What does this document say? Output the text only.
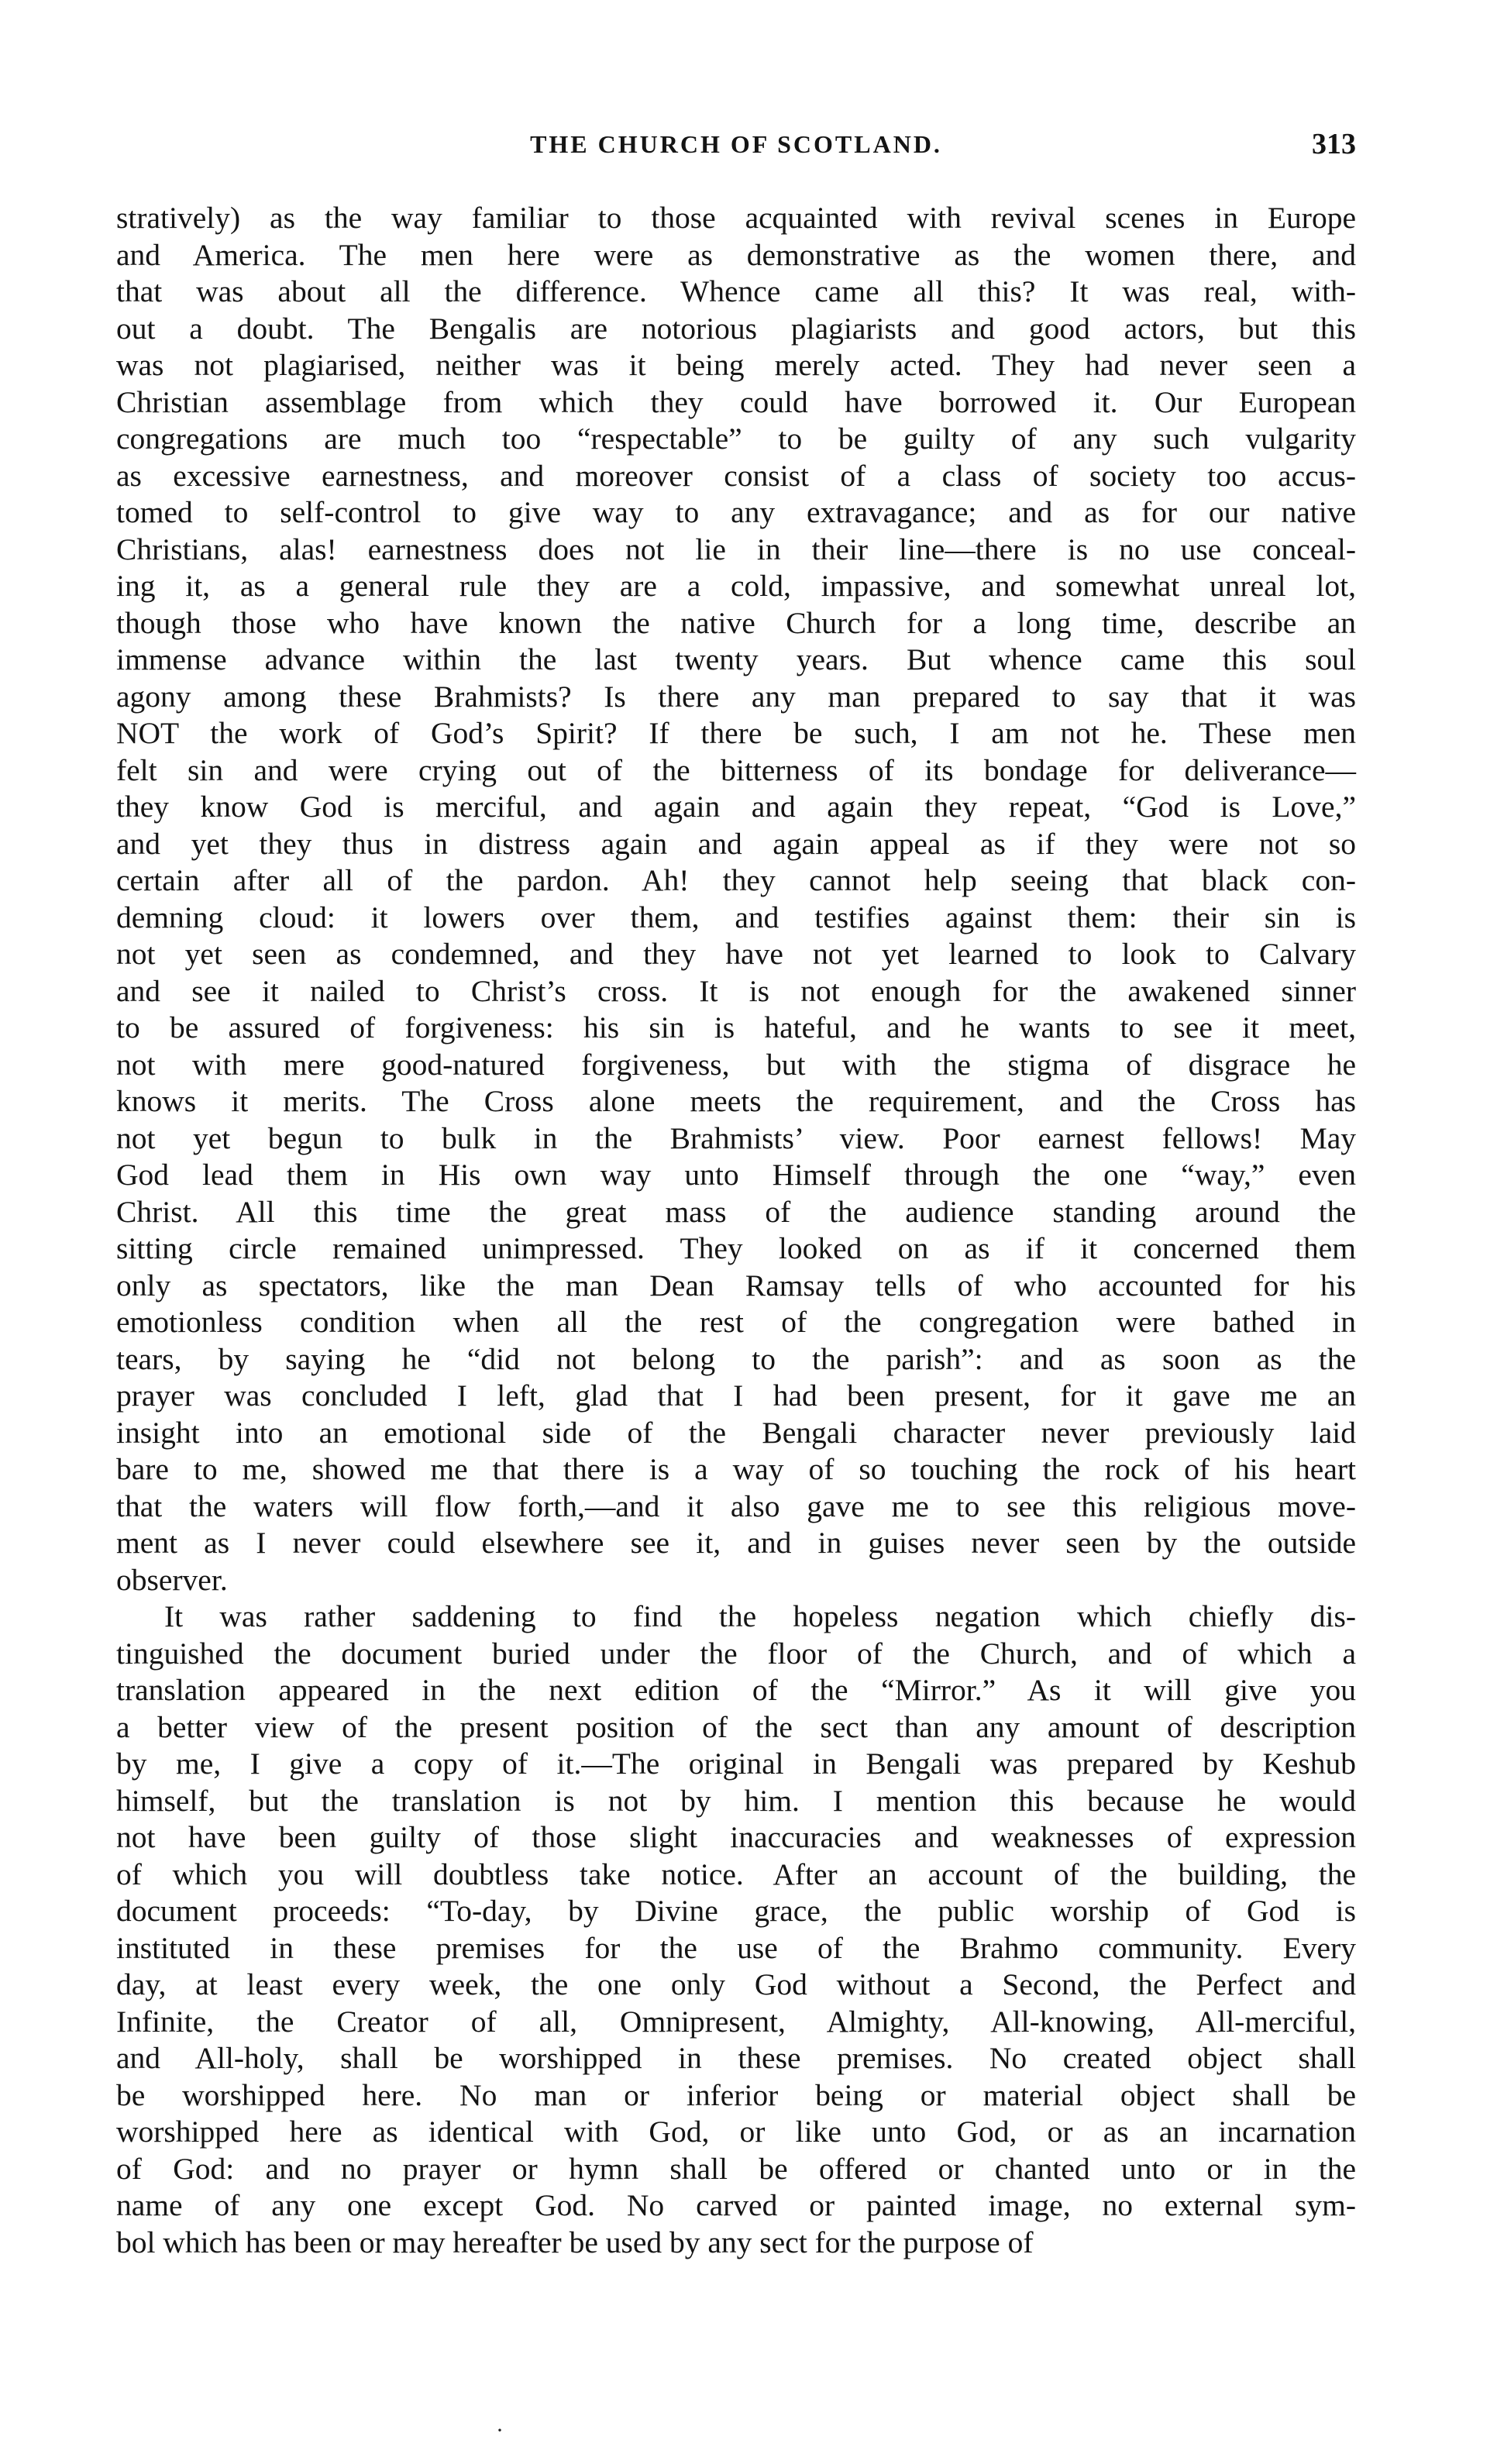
THE CHURCH OF SCOTLAND.	313
stratively) as the way familiar to those acquainted with revival scenes in Europe
and America. The men here were as demonstrative as the women there, and
that was about all the difference. Whence came all this? It was real, with-
out a doubt. The Bengalis are notorious plagiarists and good actors, but this
was not plagiarised, neither was it being merely acted. They had never seen a
Christian assemblage from which they could have borrowed it. Our European
congregations are much too “respectable” to be guilty of any such vulgarity
as excessive earnestness, and moreover consist of a class of society too accus-
tomed to self-control to give way to any extravagance; and as for our native
Christians, alas! earnestness does not lie in their line—there is no use conceal-
ing it, as a general rule they are a cold, impassive, and somewhat unreal lot,
though those who have known the native Church for a long time, describe an
immense advance within the last twenty years. But whence came this soul
agony among these Brahmists? Is there any man prepared to say that it was
NOT the work of God’s Spirit? If there be such, I am not he. These men
felt sin and were crying out of the bitterness of its bondage for deliverance—
they know God is merciful, and again and again they repeat, “God is Love,”
and yet they thus in distress again and again appeal as if they were not so
certain after all of the pardon. Ah! they cannot help seeing that black con-
demning cloud: it lowers over them, and testifies against them: their sin is
not yet seen as condemned, and they have not yet learned to look to Calvary
and see it nailed to Christ’s cross. It is not enough for the awakened sinner
to be assured of forgiveness: his sin is hateful, and he wants to see it meet,
not with mere good-natured forgiveness, but with the stigma of disgrace he
knows it merits. The Cross alone meets the requirement, and the Cross has
not yet begun to bulk in the Brahmists’ view. Poor earnest fellows! May
God lead them in His own way unto Himself through the one “way,” even
Christ. All this time the great mass of the audience standing around the
sitting circle remained unimpressed. They looked on as if it concerned them
only as spectators, like the man Dean Ramsay tells of who accounted for his
emotionless condition when all the rest of the congregation were bathed in
tears, by saying he “did not belong to the parish”: and as soon as the
prayer was concluded I left, glad that I had been present, for it gave me an
insight into an emotional side of the Bengali character never previously laid
bare to me, showed me that there is a way of so touching the rock of his heart
that the waters will flow forth,—and it also gave me to see this religious move-
ment as I never could elsewhere see it, and in guises never seen by the outside
observer.
It was rather saddening to find the hopeless negation which chiefly dis-
tinguished the document buried under the floor of the Church, and of which a
translation appeared in the next edition of the “Mirror.” As it will give you
a better view of the present position of the sect than any amount of description
by me, I give a copy of it.—The original in Bengali was prepared by Keshub
himself, but the translation is not by him. I mention this because he would
not have been guilty of those slight inaccuracies and weaknesses of expression
of which you will doubtless take notice. After an account of the building, the
document proceeds: “To-day, by Divine grace, the public worship of God is
instituted in these premises for the use of the Brahmo community. Every
day, at least every week, the one only God without a Second, the Perfect and
Infinite, the Creator of all, Omnipresent, Almighty, All-knowing, All-merciful,
and All-holy, shall be worshipped in these premises. No created object shall
be worshipped here. No man or inferior being or material object shall be
worshipped here as identical with God, or like unto God, or as an incarnation
of God: and no prayer or hymn shall be offered or chanted unto or in the
name of any one except God. No carved or painted image, no external sym-
bol which has been or may hereafter be used by any sect for the purpose of
·
